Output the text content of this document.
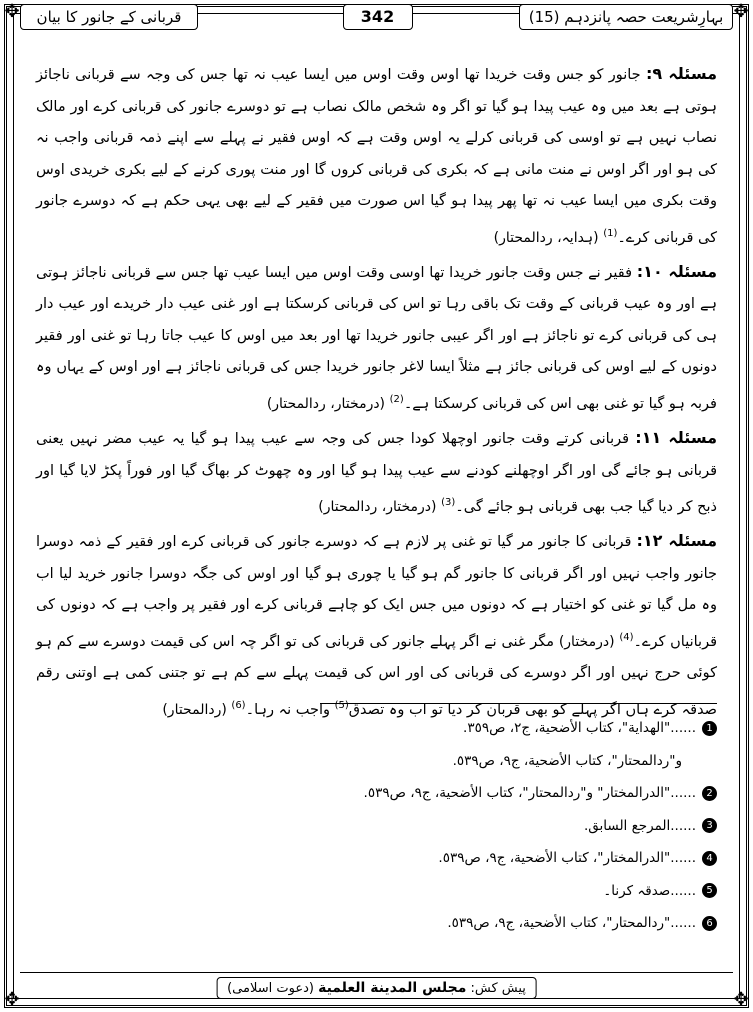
✥	✥
✥	✥
بہارِشریعت حصہ پانزدہم (15)
342
قربانی کے جانور کا بیان

مسئلہ ۹: جانور کو جس وقت خریدا تھا اوس وقت اوس میں ایسا عیب نہ تھا جس کی وجہ سے قربانی ناجائز ہوتی ہے بعد میں وہ عیب پیدا ہو گیا تو اگر وہ شخص مالک نصاب ہے تو دوسرے جانور کی قربانی کرے اور مالک نصاب نہیں ہے تو اوسی کی قربانی کرلے یہ اوس وقت ہے کہ اوس فقیر نے پہلے سے اپنے ذمہ قربانی واجب نہ کی ہو اور اگر اوس نے منت مانی ہے کہ بکری کی قربانی کروں گا اور منت پوری کرنے کے لیے بکری خریدی اوس وقت بکری میں ایسا عیب نہ تھا پھر پیدا ہو گیا اس صورت میں فقیر کے لیے بھی یہی حکم ہے کہ دوسرے جانور کی قربانی کرے۔$^{(1)}$ (ہدایہ، ردالمحتار)

مسئلہ ۱۰: فقیر نے جس وقت جانور خریدا تھا اوسی وقت اوس میں ایسا عیب تھا جس سے قربانی ناجائز ہوتی ہے اور وہ عیب قربانی کے وقت تک باقی رہا تو اس کی قربانی کرسکتا ہے اور غنی عیب دار خریدے اور عیب دار ہی کی قربانی کرے تو ناجائز ہے اور اگر عیبی جانور خریدا تھا اور بعد میں اوس کا عیب جاتا رہا تو غنی اور فقیر دونوں کے لیے اوس کی قربانی جائز ہے مثلاً ایسا لاغر جانور خریدا جس کی قربانی ناجائز ہے اور اوس کے یہاں وہ فربہ ہو گیا تو غنی بھی اس کی قربانی کرسکتا ہے۔$^{(2)}$ (درمختار، ردالمحتار)

مسئلہ ۱۱: قربانی کرتے وقت جانور اوچھلا کودا جس کی وجہ سے عیب پیدا ہو گیا یہ عیب مضر نہیں یعنی قربانی ہو جائے گی اور اگر اوچھلنے کودنے سے عیب پیدا ہو گیا اور وہ چھوٹ کر بھاگ گیا اور فوراً پکڑ لایا گیا اور ذبح کر دیا گیا جب بھی قربانی ہو جائے گی۔$^{(3)}$ (درمختار، ردالمحتار)

مسئلہ ۱۲: قربانی کا جانور مر گیا تو غنی پر لازم ہے کہ دوسرے جانور کی قربانی کرے اور فقیر کے ذمہ دوسرا جانور واجب نہیں اور اگر قربانی کا جانور گم ہو گیا یا چوری ہو گیا اور اوس کی جگہ دوسرا جانور خرید لیا اب وہ مل گیا تو غنی کو اختیار ہے کہ دونوں میں جس ایک کو چاہے قربانی کرے اور فقیر پر واجب ہے کہ دونوں کی قربانیاں کرے۔$^{(4)}$ (درمختار) مگر غنی نے اگر پہلے جانور کی قربانی کی تو اگر چہ اس کی قیمت دوسرے سے کم ہو کوئی حرج نہیں اور اگر دوسرے کی قربانی کی اور اس کی قیمت پہلے سے کم ہے تو جتنی کمی ہے اوتنی رقم صدقہ کرے ہاں اگر پہلے کو بھی قربان کر دیا تو اب وہ تصدق$^{(5)}$ واجب نہ رہا۔$^{(6)}$ (ردالمحتار)

1......"الهداية"، كتاب الأضحية، ج٢، ص٣٥٩.
و"ردالمحتار"، كتاب الأضحية، ج٩، ص٥٣٩.
2......"الدرالمختار" و"ردالمحتار"، كتاب الأضحية، ج٩، ص٥٣٩.
3......المرجع السابق.
4......"الدرالمختار"، كتاب الأضحية، ج٩، ص٥٣٩.
5......صدقہ کرنا۔
6......"ردالمحتار"، كتاب الأضحية، ج٩، ص٥٣٩.
پیش کش: مجلس المدينة العلمية (دعوت اسلامی)
